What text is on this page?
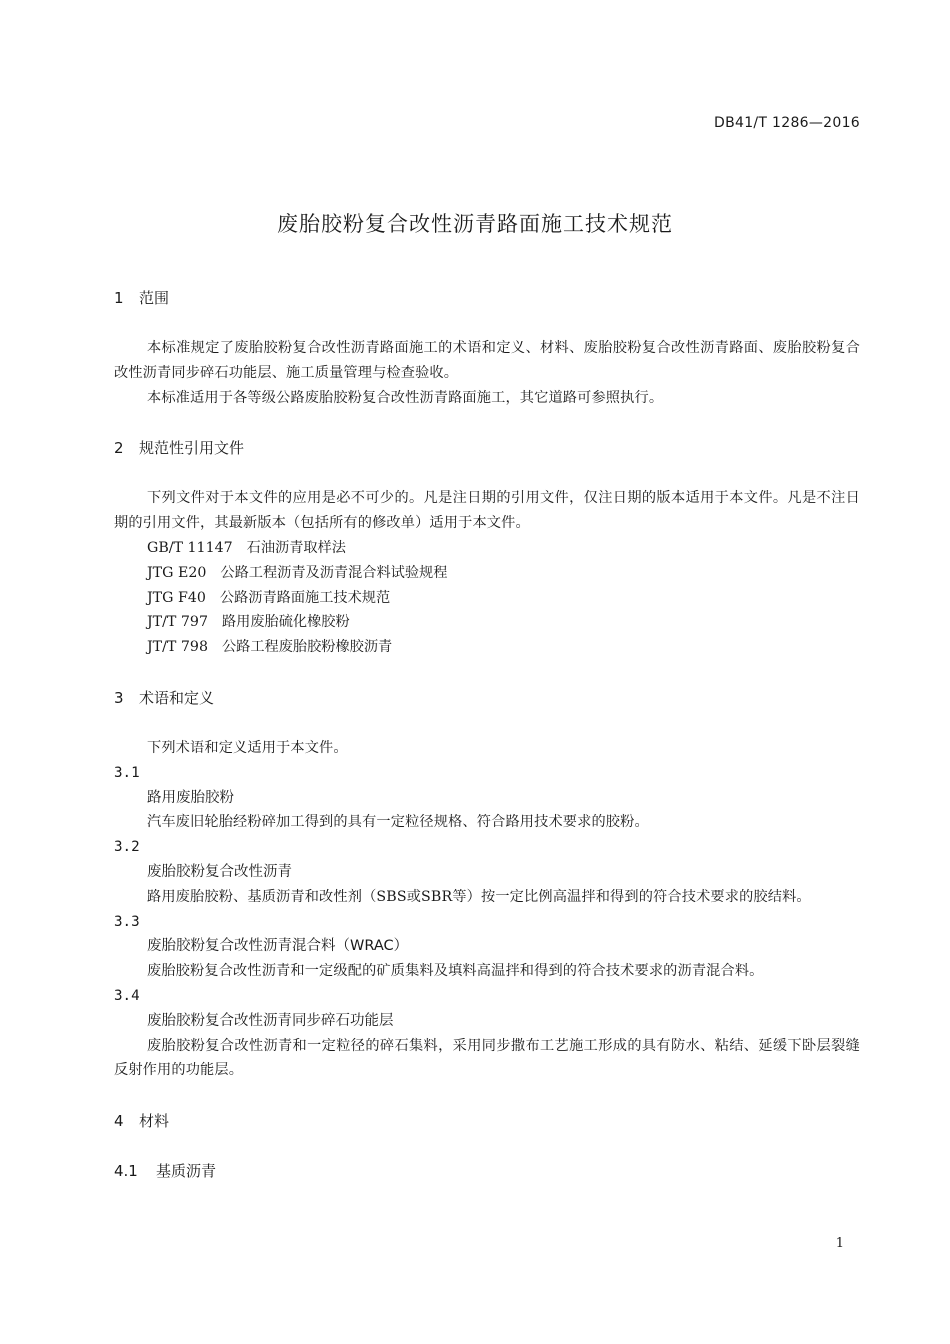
DB41/T 1286—2016
废胎胶粉复合改性沥青路面施工技术规范
1 范围
本标准规定了废胎胶粉复合改性沥青路面施工的术语和定义、材料、废胎胶粉复合改性沥青路面、废胎胶粉复合改性沥青同步碎石功能层、施工质量管理与检查验收。
本标准适用于各等级公路废胎胶粉复合改性沥青路面施工，其它道路可参照执行。
2 规范性引用文件
下列文件对于本文件的应用是必不可少的。凡是注日期的引用文件，仅注日期的版本适用于本文件。凡是不注日期的引用文件，其最新版本（包括所有的修改单）适用于本文件。
GB/T 11147 石油沥青取样法
JTG E20 公路工程沥青及沥青混合料试验规程
JTG F40 公路沥青路面施工技术规范
JT/T 797 路用废胎硫化橡胶粉
JT/T 798 公路工程废胎胶粉橡胶沥青
3 术语和定义
下列术语和定义适用于本文件。
3.1
路用废胎胶粉
汽车废旧轮胎经粉碎加工得到的具有一定粒径规格、符合路用技术要求的胶粉。
3.2
废胎胶粉复合改性沥青
路用废胎胶粉、基质沥青和改性剂（SBS或SBR等）按一定比例高温拌和得到的符合技术要求的胶结料。
3.3
废胎胶粉复合改性沥青混合料（WRAC）
废胎胶粉复合改性沥青和一定级配的矿质集料及填料高温拌和得到的符合技术要求的沥青混合料。
3.4
废胎胶粉复合改性沥青同步碎石功能层
废胎胶粉复合改性沥青和一定粒径的碎石集料，采用同步撒布工艺施工形成的具有防水、粘结、延缓下卧层裂缝反射作用的功能层。
4 材料
4.1 基质沥青
1
